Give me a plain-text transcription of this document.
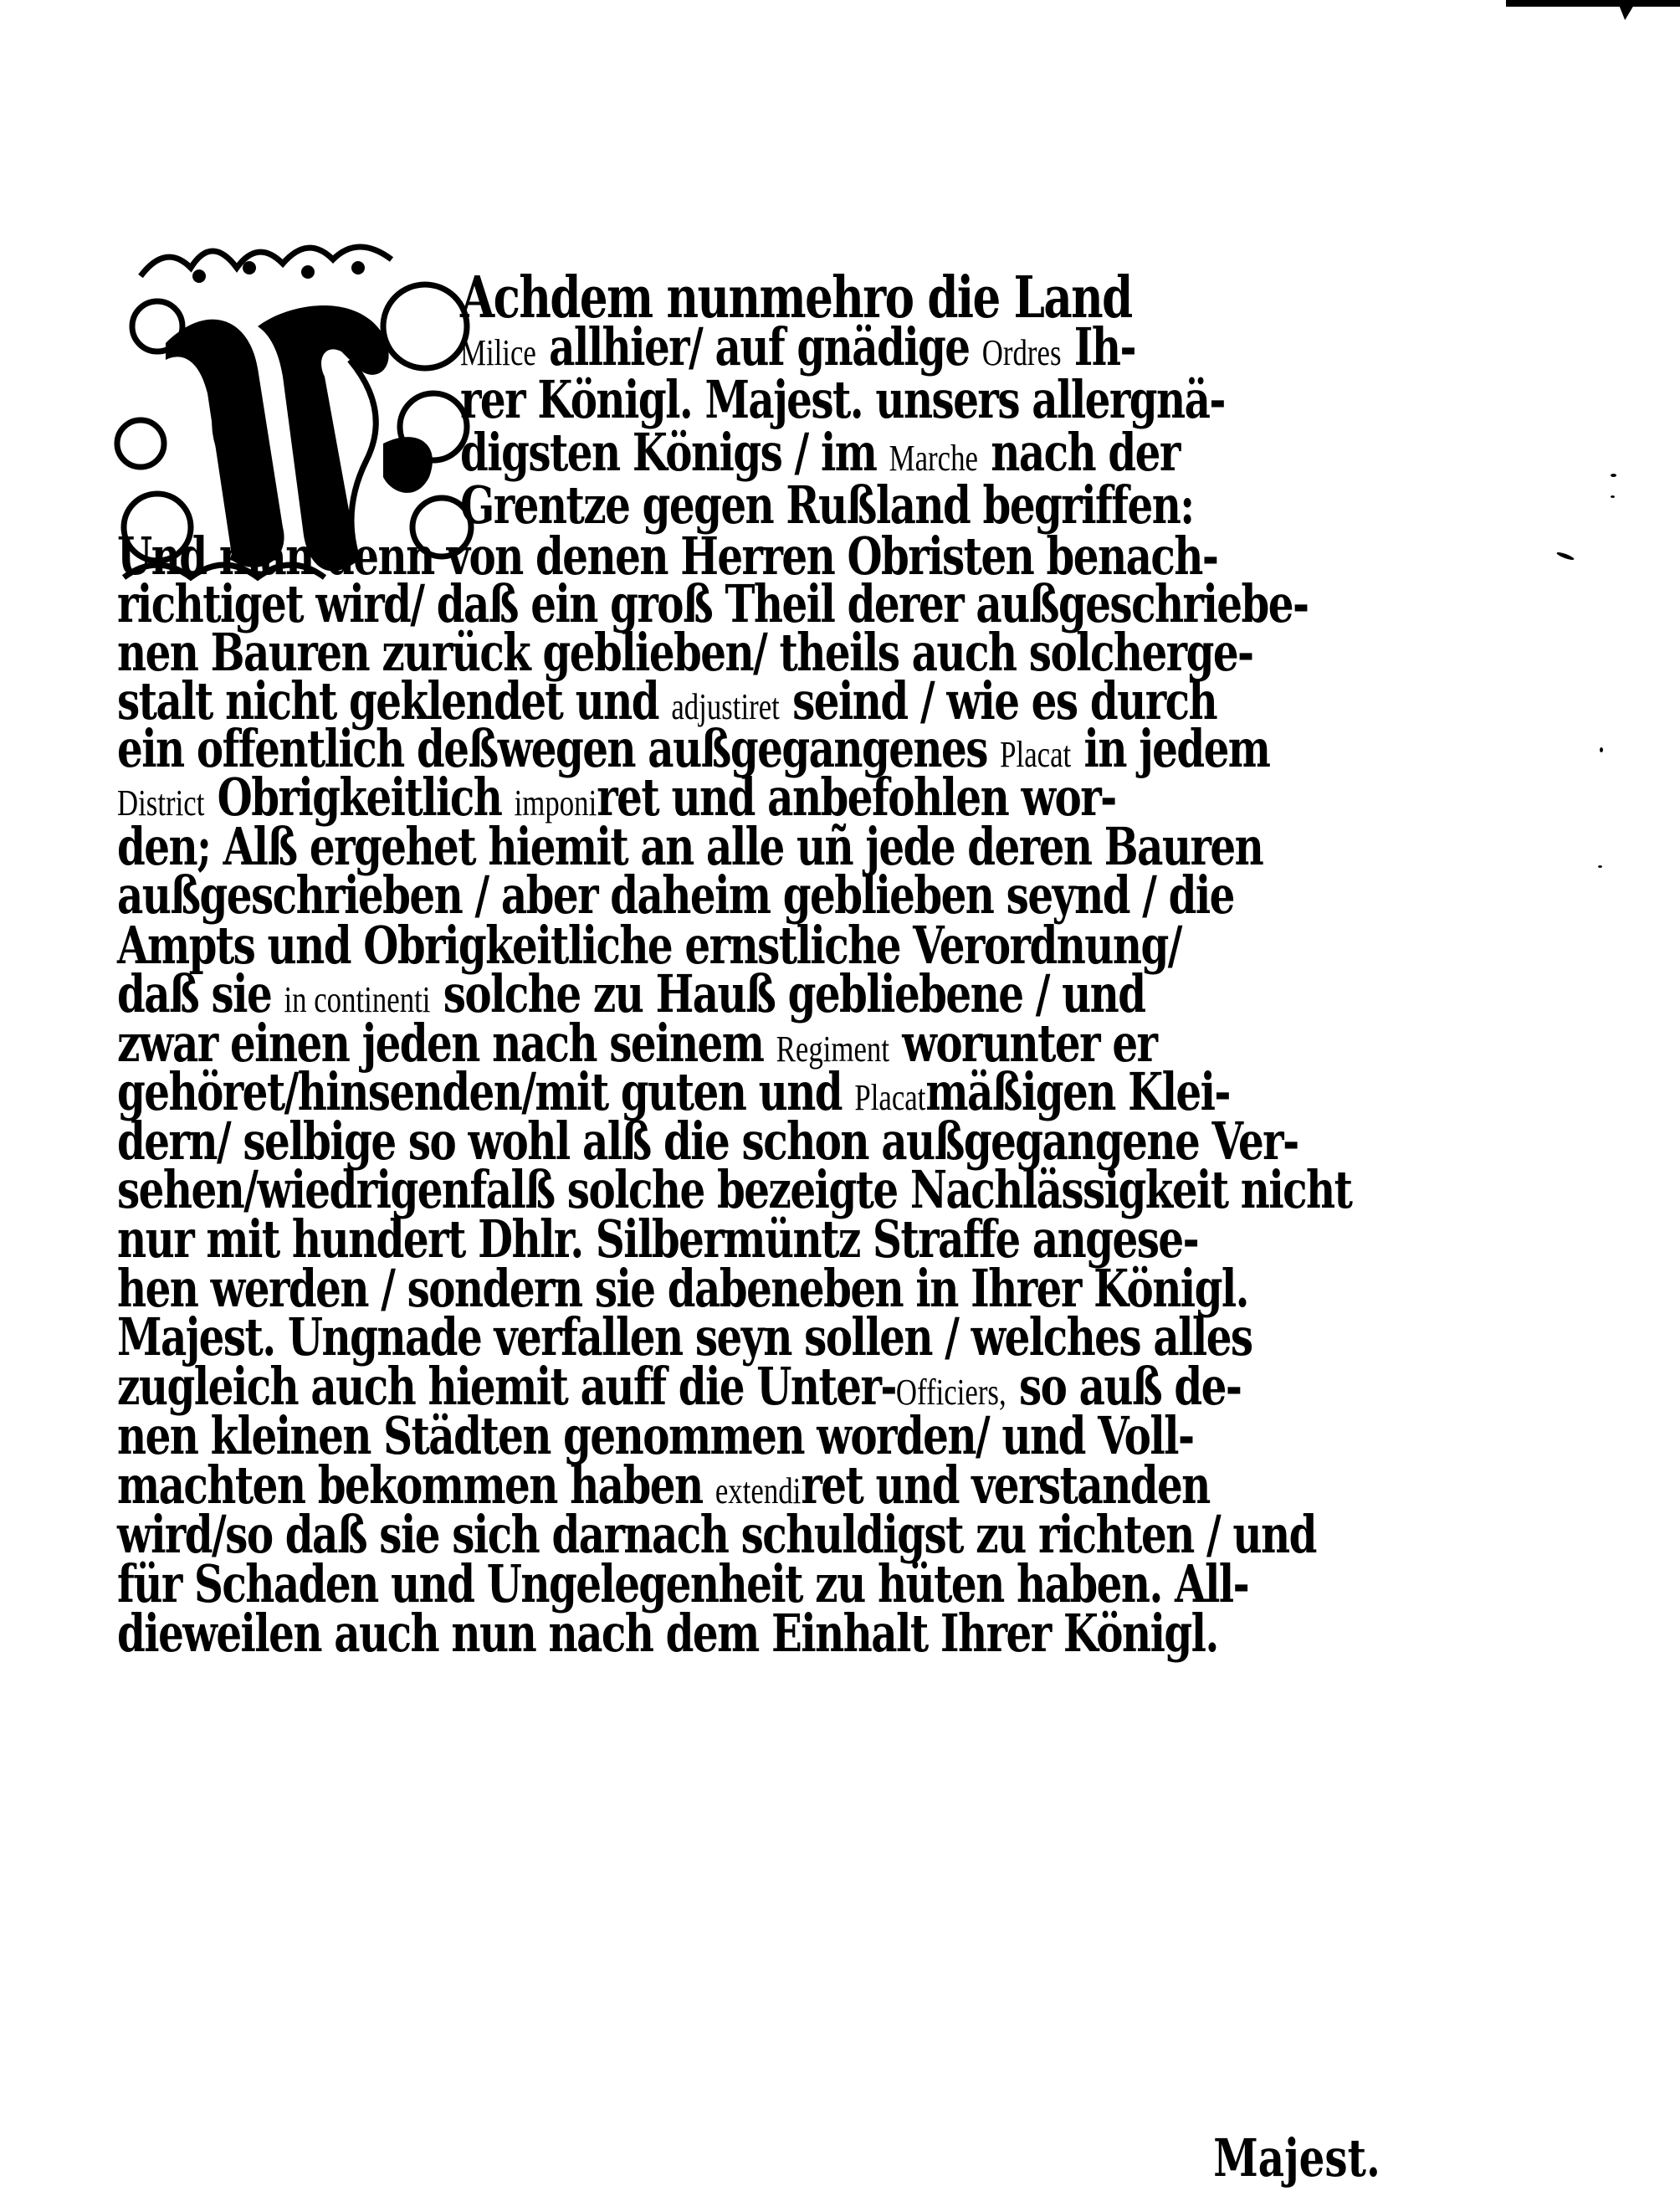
Achdem nunmehro die Land
Milice allhier/ auf gnädige Ordres Ih-
rer Königl. Majest. unsers allergnä-
digsten Königs / im Marche nach der
Grentze gegen Rußland begriffen:
Und man denn von denen Herren Obristen benach-
richtiget wird/ daß ein groß Theil derer außgeschriebe-
nen Bauren zurück geblieben/ theils auch solcherge-
stalt nicht geklendet und adjustiret seind / wie es durch
ein offentlich deßwegen außgegangenes Placat in jedem
District Obrigkeitlich imponiret und anbefohlen wor-
den; Alß ergehet hiemit an alle uñ jede deren Bauren
außgeschrieben / aber daheim geblieben seynd / die
Ampts und Obrigkeitliche ernstliche Verordnung/
daß sie in continenti solche zu Hauß gebliebene / und
zwar einen jeden nach seinem Regiment worunter er
gehöret/hinsenden/mit guten und Placatmäßigen Klei-
dern/ selbige so wohl alß die schon außgegangene Ver-
sehen/wiedrigenfalß solche bezeigte Nachlässigkeit nicht
nur mit hundert Dhlr. Silbermüntz Straffe angese-
hen werden / sondern sie dabeneben in Ihrer Königl.
Majest. Ungnade verfallen seyn sollen / welches alles
zugleich auch hiemit auff die Unter-Officiers, so auß de-
nen kleinen Städten genommen worden/ und Voll-
machten bekommen haben extendiret und verstanden
wird/so daß sie sich darnach schuldigst zu richten / und
für Schaden und Ungelegenheit zu hüten haben. All-
dieweilen auch nun nach dem Einhalt Ihrer Königl.
Majest.
